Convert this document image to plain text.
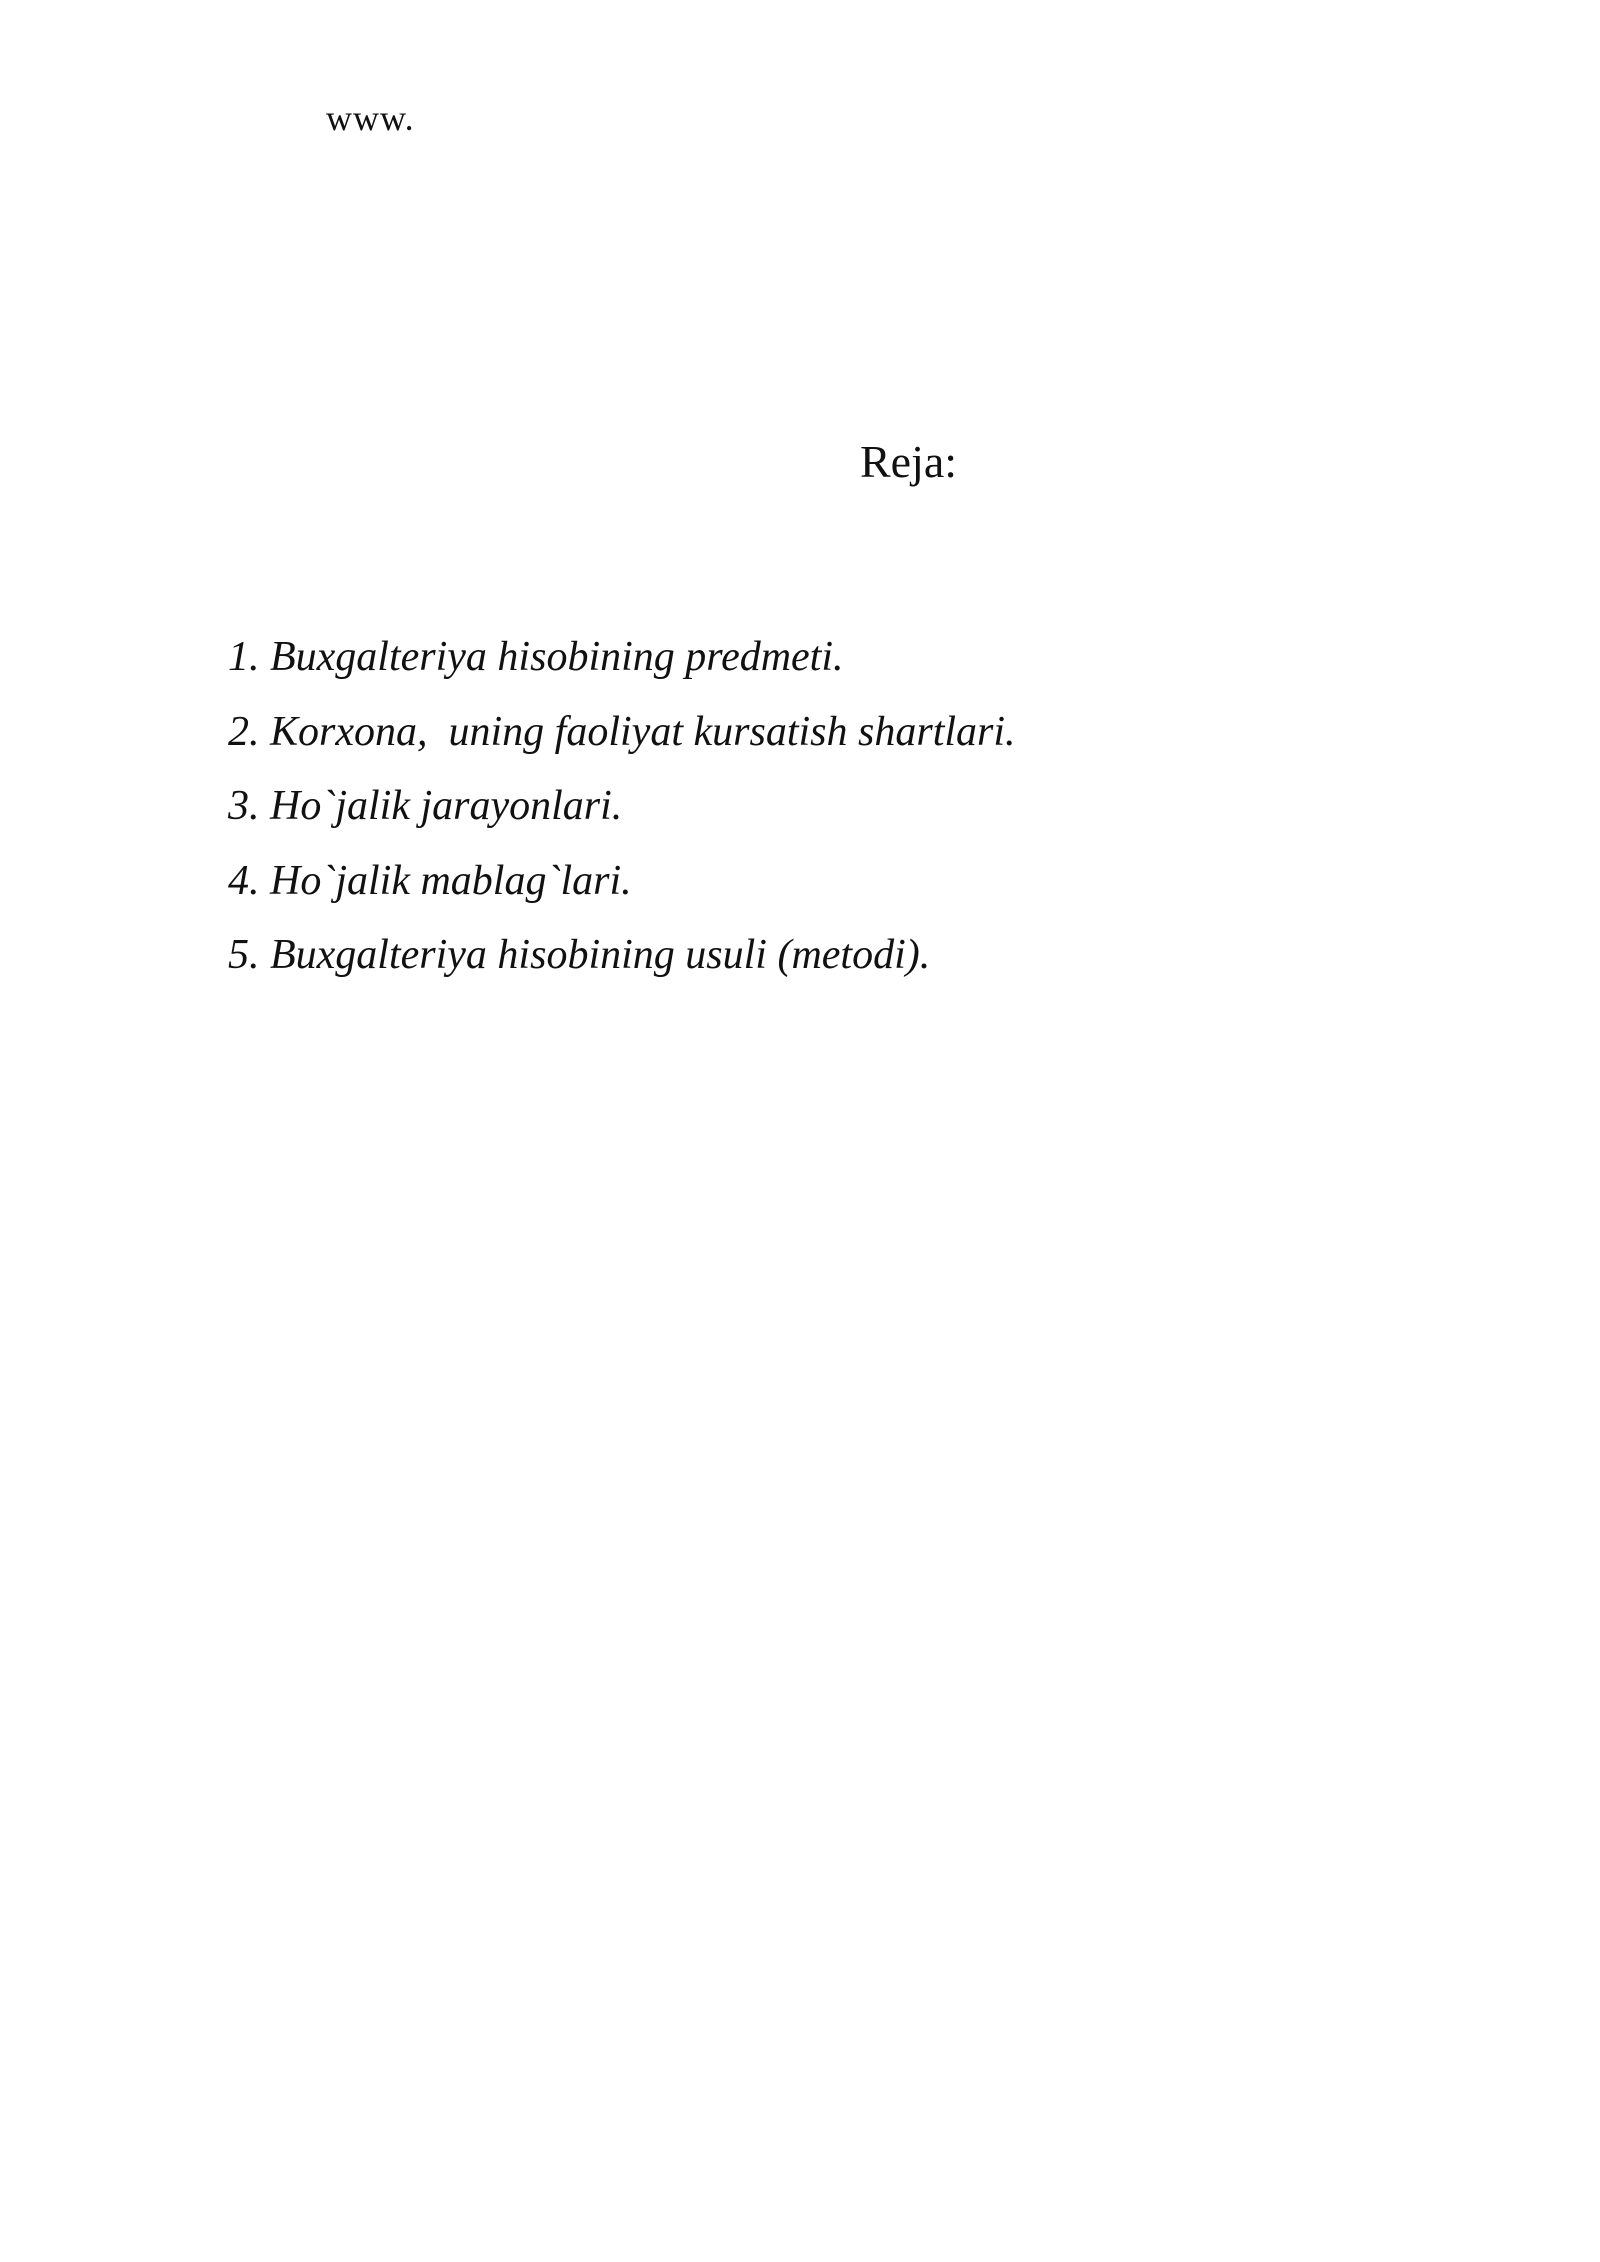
www.
Reja:
1. Buxgalteriya hisobining predmeti.
2. Korxona,  uning faoliyat kursatish shartlari.
3. Ho`jalik jarayonlari.
4. Ho`jalik mablag`lari.
5. Buxgalteriya hisobining usuli (metodi).
